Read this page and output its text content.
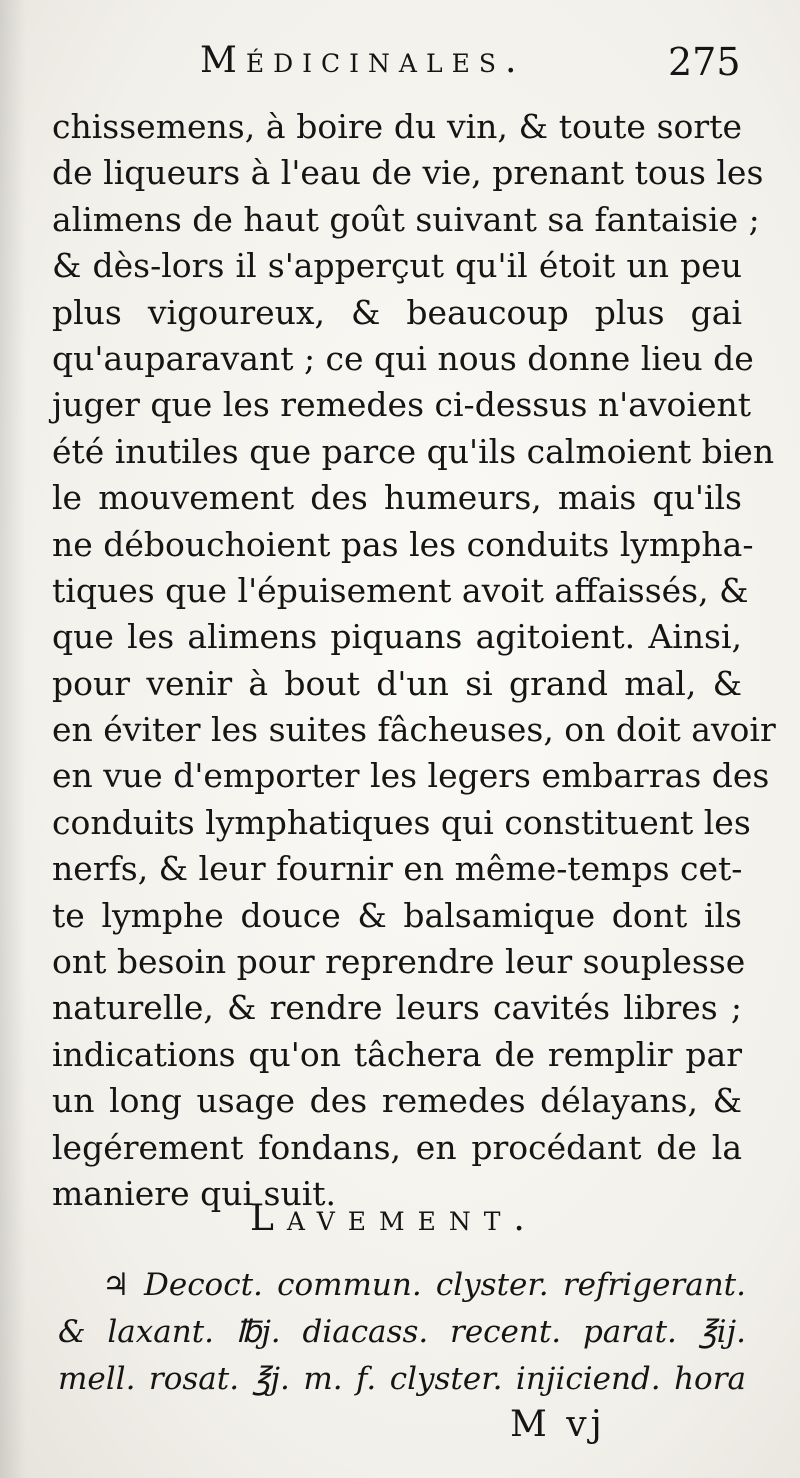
Médicinales.	275
chissemens, à boire du vin, & toute sorte
de liqueurs à l'eau de vie, prenant tous les
alimens de haut goût suivant sa fantaisie ;
& dès-lors il s'apperçut qu'il étoit un peu
plus vigoureux, & beaucoup plus gai
qu'auparavant ; ce qui nous donne lieu de
juger que les remedes ci-dessus n'avoient
été inutiles que parce qu'ils calmoient bien
le mouvement des humeurs, mais qu'ils
ne débouchoient pas les conduits lympha-
tiques que l'épuisement avoit affaissés, &
que les alimens piquans agitoient. Ainsi,
pour venir à bout d'un si grand mal, &
en éviter les suites fâcheuses, on doit avoir
en vue d'emporter les legers embarras des
conduits lymphatiques qui constituent les
nerfs, & leur fournir en même-temps cet-
te lymphe douce & balsamique dont ils
ont besoin pour reprendre leur souplesse
naturelle, & rendre leurs cavités libres ;
indications qu'on tâchera de remplir par
un long usage des remedes délayans, &
legérement fondans, en procédant de la
maniere qui suit.
Lavement.
♃ Decoct. commun. clyster. refrigerant.
& laxant. ℔j. diacass. recent. parat. ℥ij.
mell. rosat. ℥j. m. f. clyster. injiciend. hora
M vj
